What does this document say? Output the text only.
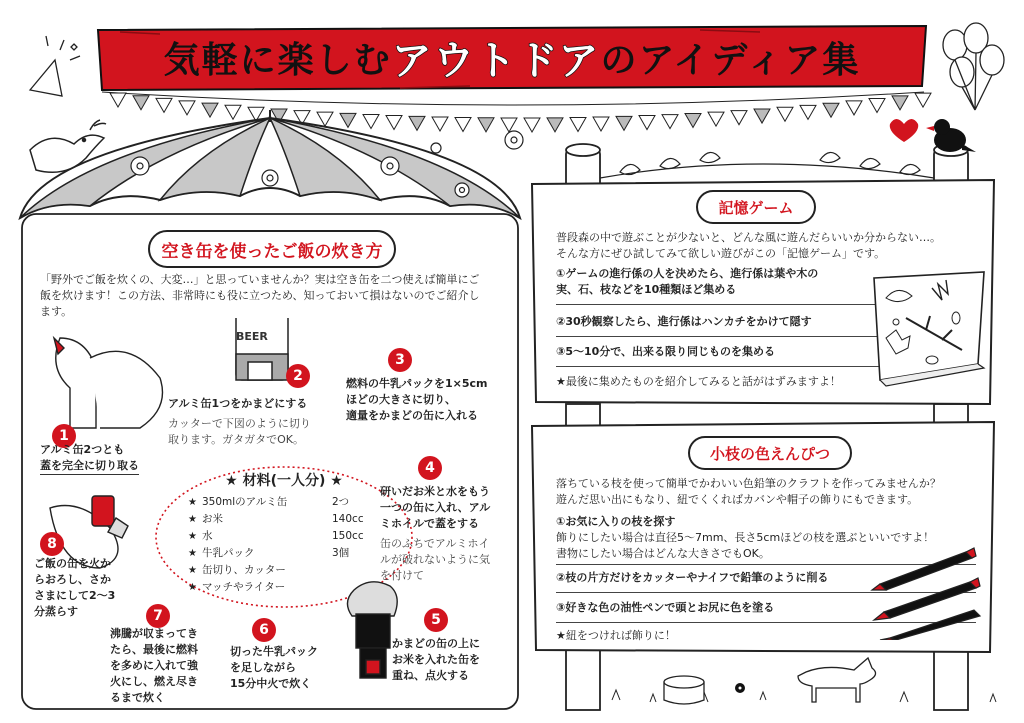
気軽に楽しむ アウトドア のアイディア集
空き缶を使ったご飯の炊き方
「野外でご飯を炊くの、大変…」と思っていませんか？実は空き缶を二つ使えば簡単にご
飯を炊けます！この方法、非常時にも役に立つため、知っておいて損はないのでご紹介し
ます。
1
アルミ缶2つとも
蓋を完全に切り取る
BEER
2
アルミ缶1つをかまどにする
カッターで下図のように切り
取ります。ガタガタでOK。
3
燃料の牛乳パックを1×5cm
ほどの大きさに切り、
適量をかまどの缶に入れる
4
研いだお米と水をもう
一つの缶に入れ、アル
ミホイルで蓋をする
缶のふちでアルミホイ
ルが破れないように気
を付けて
5
かまどの缶の上に
お米を入れた缶を
重ね、点火する
6
切った牛乳パック
を足しながら
15分中火で炊く
7
沸騰が収まってき
たら、最後に燃料
を多めに入れて強
火にし、燃え尽き
るまで炊く
8
ご飯の缶を火か
らおろし、さか
さまにして2〜3
分蒸らす
★ 材料(一人分) ★
★ 350mlのアルミ缶	2つ
★ お米	140cc
★ 水	150cc
★ 牛乳パック	3個
★ 缶切り、カッター
★ マッチやライター
記憶ゲーム
普段森の中で遊ぶことが少ないと、どんな風に遊んだらいいか分からない…。
そんな方にぜひ試してみて欲しい遊びがこの「記憶ゲーム」です。
①ゲームの進行係の人を決めたら、進行係は葉や木の
実、石、枝などを10種類ほど集める
②30秒観察したら、進行係はハンカチをかけて隠す
③5〜10分で、出来る限り同じものを集める
★最後に集めたものを紹介してみると話がはずみますよ！
小枝の色えんぴつ
落ちている枝を使って簡単でかわいい色鉛筆のクラフトを作ってみませんか？
遊んだ思い出にもなり、紐でくくればカバンや帽子の飾りにもできます。
①お気に入りの枝を探す
飾りにしたい場合は直径5〜7mm、長さ5cmほどの枝を選ぶといいですよ！
書物にしたい場合はどんな大きさでもOK。
②枝の片方だけをカッターやナイフで鉛筆のように削る
③好きな色の油性ペンで頭とお尻に色を塗る
★紐をつければ飾りに！
